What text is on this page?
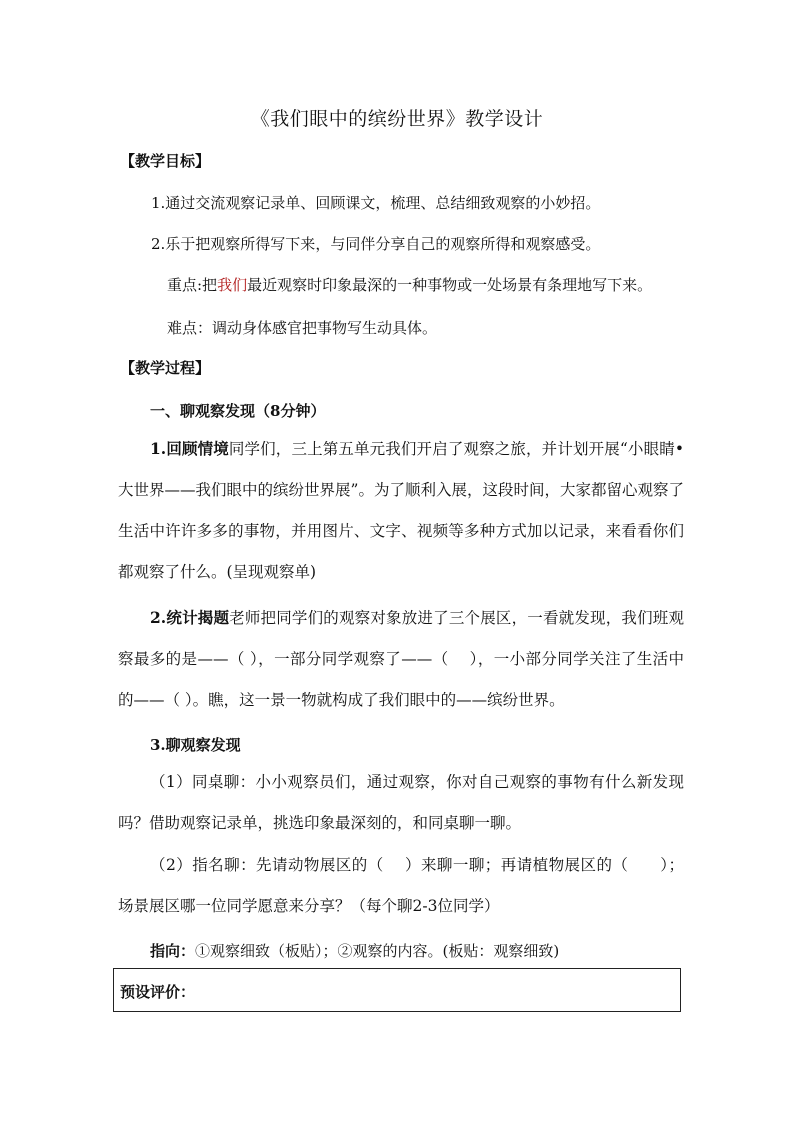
《我们眼中的缤纷世界》教学设计
【教学目标】
1.通过交流观察记录单、回顾课文，梳理、总结细致观察的小妙招。
2.乐于把观察所得写下来，与同伴分享自己的观察所得和观察感受。
重点:把我们最近观察时印象最深的一种事物或一处场景有条理地写下来。
难点：调动身体感官把事物写生动具体。
【教学过程】
一、聊观察发现（8分钟）
1.回顾情境同学们，三上第五单元我们开启了观察之旅，并计划开展“小眼睛•大世界——我们眼中的缤纷世界展”。为了顺利入展，这段时间，大家都留心观察了生活中许许多多的事物，并用图片、文字、视频等多种方式加以记录，来看看你们都观察了什么。(呈现观察单)
2.统计揭题老师把同学们的观察对象放进了三个展区，一看就发现，我们班观察最多的是——（ ），一部分同学观察了——（　 ），一小部分同学关注了生活中的——（ ）。瞧，这一景一物就构成了我们眼中的——缤纷世界。
3.聊观察发现
（1）同桌聊：小小观察员们，通过观察，你对自己观察的事物有什么新发现吗？借助观察记录单，挑选印象最深刻的，和同桌聊一聊。
（2）指名聊：先请动物展区的（　 ）来聊一聊；再请植物展区的（　　）；场景展区哪一位同学愿意来分享？（每个聊2-3位同学）
指向：①观察细致（板贴）；②观察的内容。(板贴：观察细致)
预设评价：
